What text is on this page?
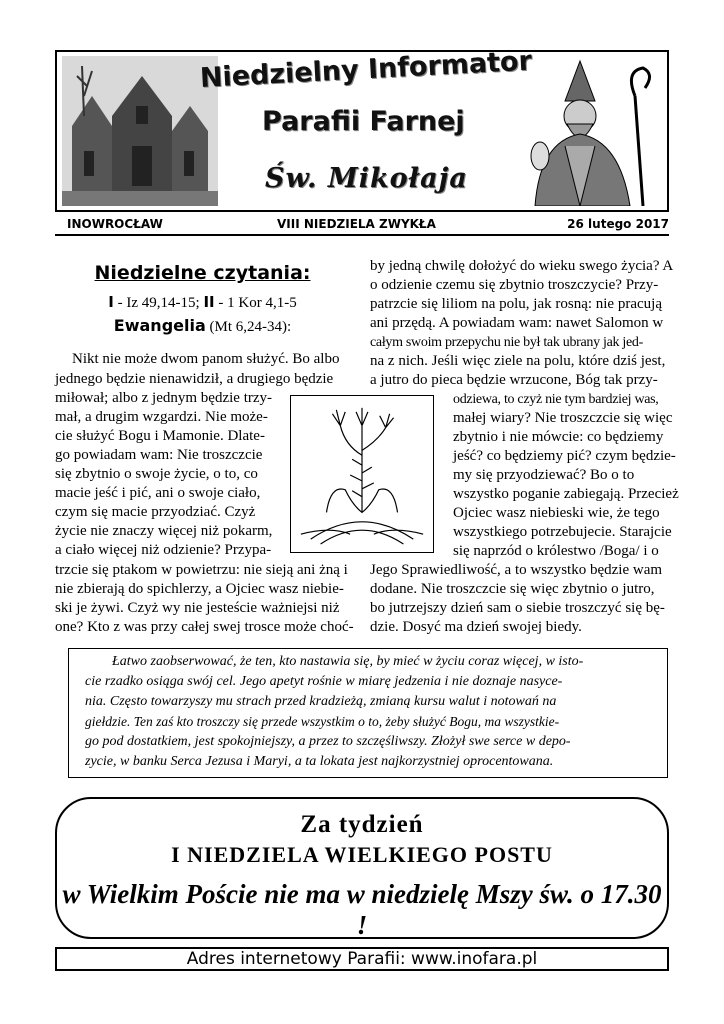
Niedzielny Informator
Parafii Farnej
Św. Mikołaja
INOWROCŁAW	VIII NIEDZIELA ZWYKŁA	26 lutego 2017
Niedzielne czytania:
I - Iz 49,14-15; II - 1 Kor 4,1-5
Ewangelia (Mt 6,24-34):
Nikt nie może dwom panom służyć. Bo albo
jednego będzie nienawidził, a drugiego będzie
miłował; albo z jednym będzie trzy-
mał, a drugim wzgardzi. Nie może-
cie służyć Bogu i Mamonie. Dlate-
go powiadam wam: Nie troszczcie
się zbytnio o swoje życie, o to, co
macie jeść i pić, ani o swoje ciało,
czym się macie przyodziać. Czyż
życie nie znaczy więcej niż pokarm,
a ciało więcej niż odzienie? Przypa-
trzcie się ptakom w powietrzu: nie sieją ani żną i
nie zbierają do spichlerzy, a Ojciec wasz niebie-
ski je żywi. Czyż wy nie jesteście ważniejsi niż
one? Kto z was przy całej swej trosce może choć-
by jedną chwilę dołożyć do wieku swego życia? A
o odzienie czemu się zbytnio troszczycie? Przy-
patrzcie się liliom na polu, jak rosną: nie pracują
ani przędą. A powiadam wam: nawet Salomon w
całym swoim przepychu nie był tak ubrany jak jed-
na z nich. Jeśli więc ziele na polu, które dziś jest,
a jutro do pieca będzie wrzucone, Bóg tak przy-
odziewa, to czyż nie tym bardziej was,
małej wiary? Nie troszczcie się więc
zbytnio i nie mówcie: co będziemy
jeść? co będziemy pić? czym będzie-
my się przyodziewać? Bo o to
wszystko poganie zabiegają. Przecież
Ojciec wasz niebieski wie, że tego
wszystkiego potrzebujecie. Starajcie
się naprzód o królestwo /Boga/ i o
Jego Sprawiedliwość, a to wszystko będzie wam
dodane. Nie troszczcie się więc zbytnio o jutro,
bo jutrzejszy dzień sam o siebie troszczyć się bę-
dzie. Dosyć ma dzień swojej biedy.
Łatwo zaobserwować, że ten, kto nastawia się, by mieć w życiu coraz więcej, w isto-
cie rzadko osiąga swój cel. Jego apetyt rośnie w miarę jedzenia i nie doznaje nasyce-
nia. Często towarzyszy mu strach przed kradzieżą, zmianą kursu walut i notowań na
giełdzie. Ten zaś kto troszczy się przede wszystkim o to, żeby służyć Bogu, ma wszystkie-
go pod dostatkiem, jest spokojniejszy, a przez to szczęśliwszy. Złożył swe serce w depo-
zycie, w banku Serca Jezusa i Maryi, a ta lokata jest najkorzystniej oprocentowana.
Za tydzień
I NIEDZIELA WIELKIEGO POSTU
w Wielkim Poście nie ma w niedzielę Mszy św. o 17.30 !
Adres internetowy Parafii: www.inofara.pl
